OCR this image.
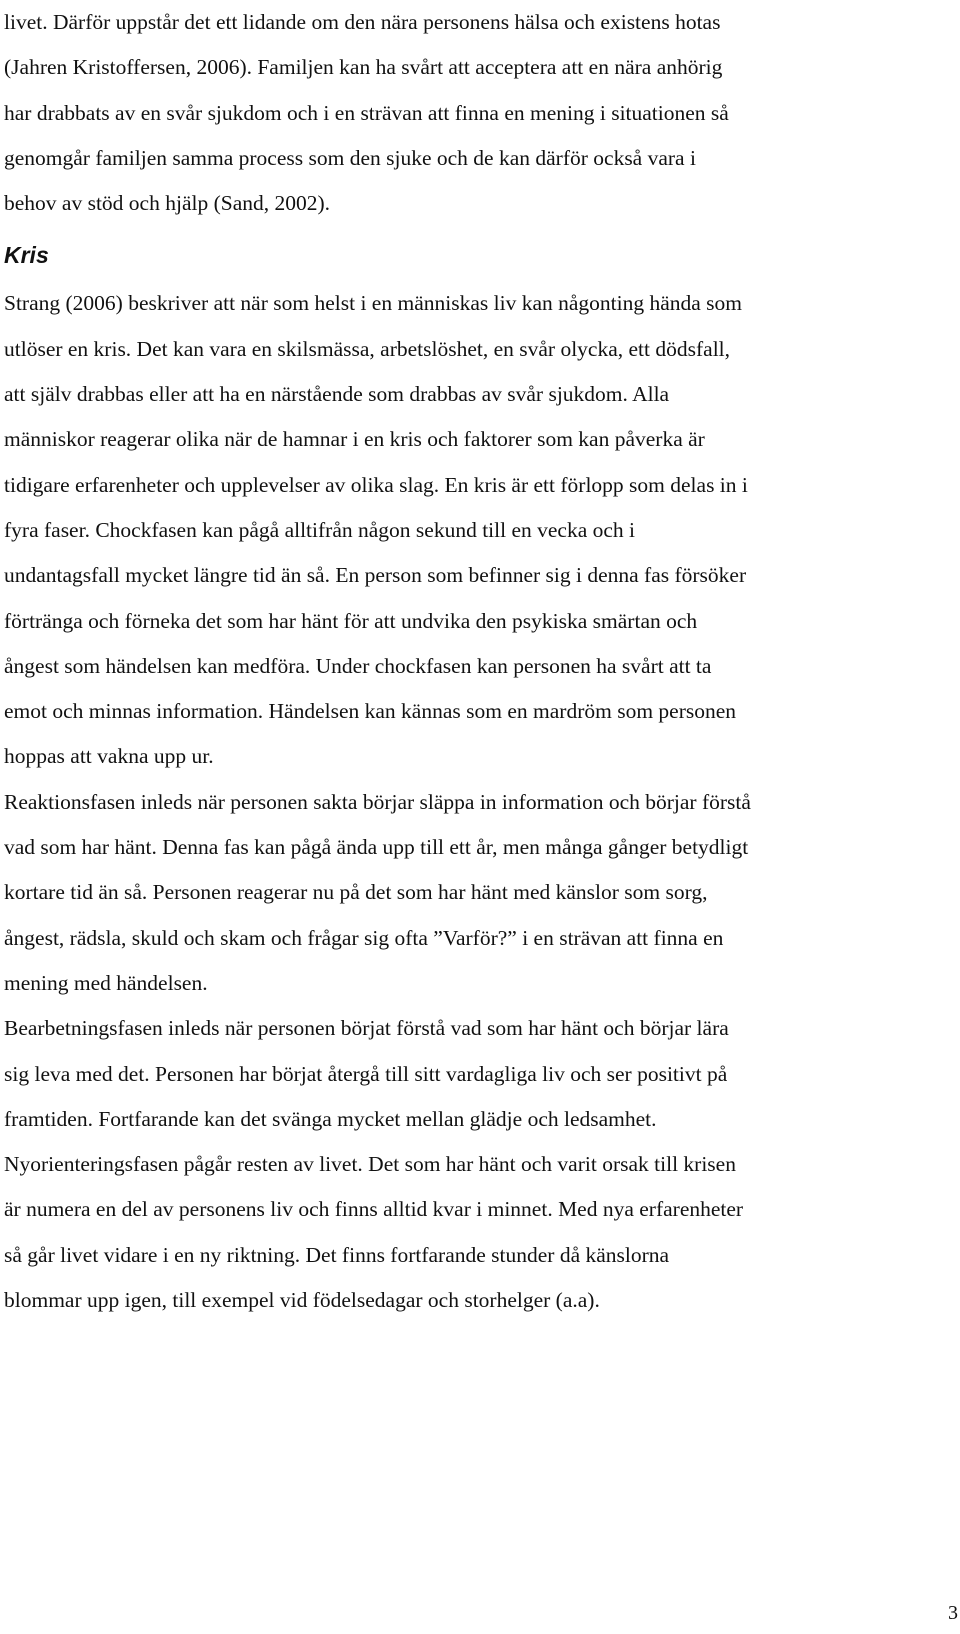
livet. Därför uppstår det ett lidande om den nära personens hälsa och existens hotas
(Jahren Kristoffersen, 2006). Familjen kan ha svårt att acceptera att en nära anhörig
har drabbats av en svår sjukdom och i en strävan att finna en mening i situationen så
genomgår familjen samma process som den sjuke och de kan därför också vara i
behov av stöd och hjälp (Sand, 2002).

Kris

Strang (2006) beskriver att när som helst i en människas liv kan någonting hända som
utlöser en kris. Det kan vara en skilsmässa, arbetslöshet, en svår olycka, ett dödsfall,
att själv drabbas eller att ha en närstående som drabbas av svår sjukdom. Alla
människor reagerar olika när de hamnar i en kris och faktorer som kan påverka är
tidigare erfarenheter och upplevelser av olika slag. En kris är ett förlopp som delas in i
fyra faser. Chockfasen kan pågå alltifrån någon sekund till en vecka och i
undantagsfall mycket längre tid än så. En person som befinner sig i denna fas försöker
förtränga och förneka det som har hänt för att undvika den psykiska smärtan och
ångest som händelsen kan medföra. Under chockfasen kan personen ha svårt att ta
emot och minnas information. Händelsen kan kännas som en mardröm som personen
hoppas att vakna upp ur.

Reaktionsfasen inleds när personen sakta börjar släppa in information och börjar förstå
vad som har hänt. Denna fas kan pågå ända upp till ett år, men många gånger betydligt
kortare tid än så. Personen reagerar nu på det som har hänt med känslor som sorg,
ångest, rädsla, skuld och skam och frågar sig ofta ”Varför?” i en strävan att finna en
mening med händelsen.

Bearbetningsfasen inleds när personen börjat förstå vad som har hänt och börjar lära
sig leva med det. Personen har börjat återgå till sitt vardagliga liv och ser positivt på
framtiden. Fortfarande kan det svänga mycket mellan glädje och ledsamhet.

Nyorienteringsfasen pågår resten av livet. Det som har hänt och varit orsak till krisen
är numera en del av personens liv och finns alltid kvar i minnet. Med nya erfarenheter
så går livet vidare i en ny riktning. Det finns fortfarande stunder då känslorna
blommar upp igen, till exempel vid födelsedagar och storhelger (a.a).

3
